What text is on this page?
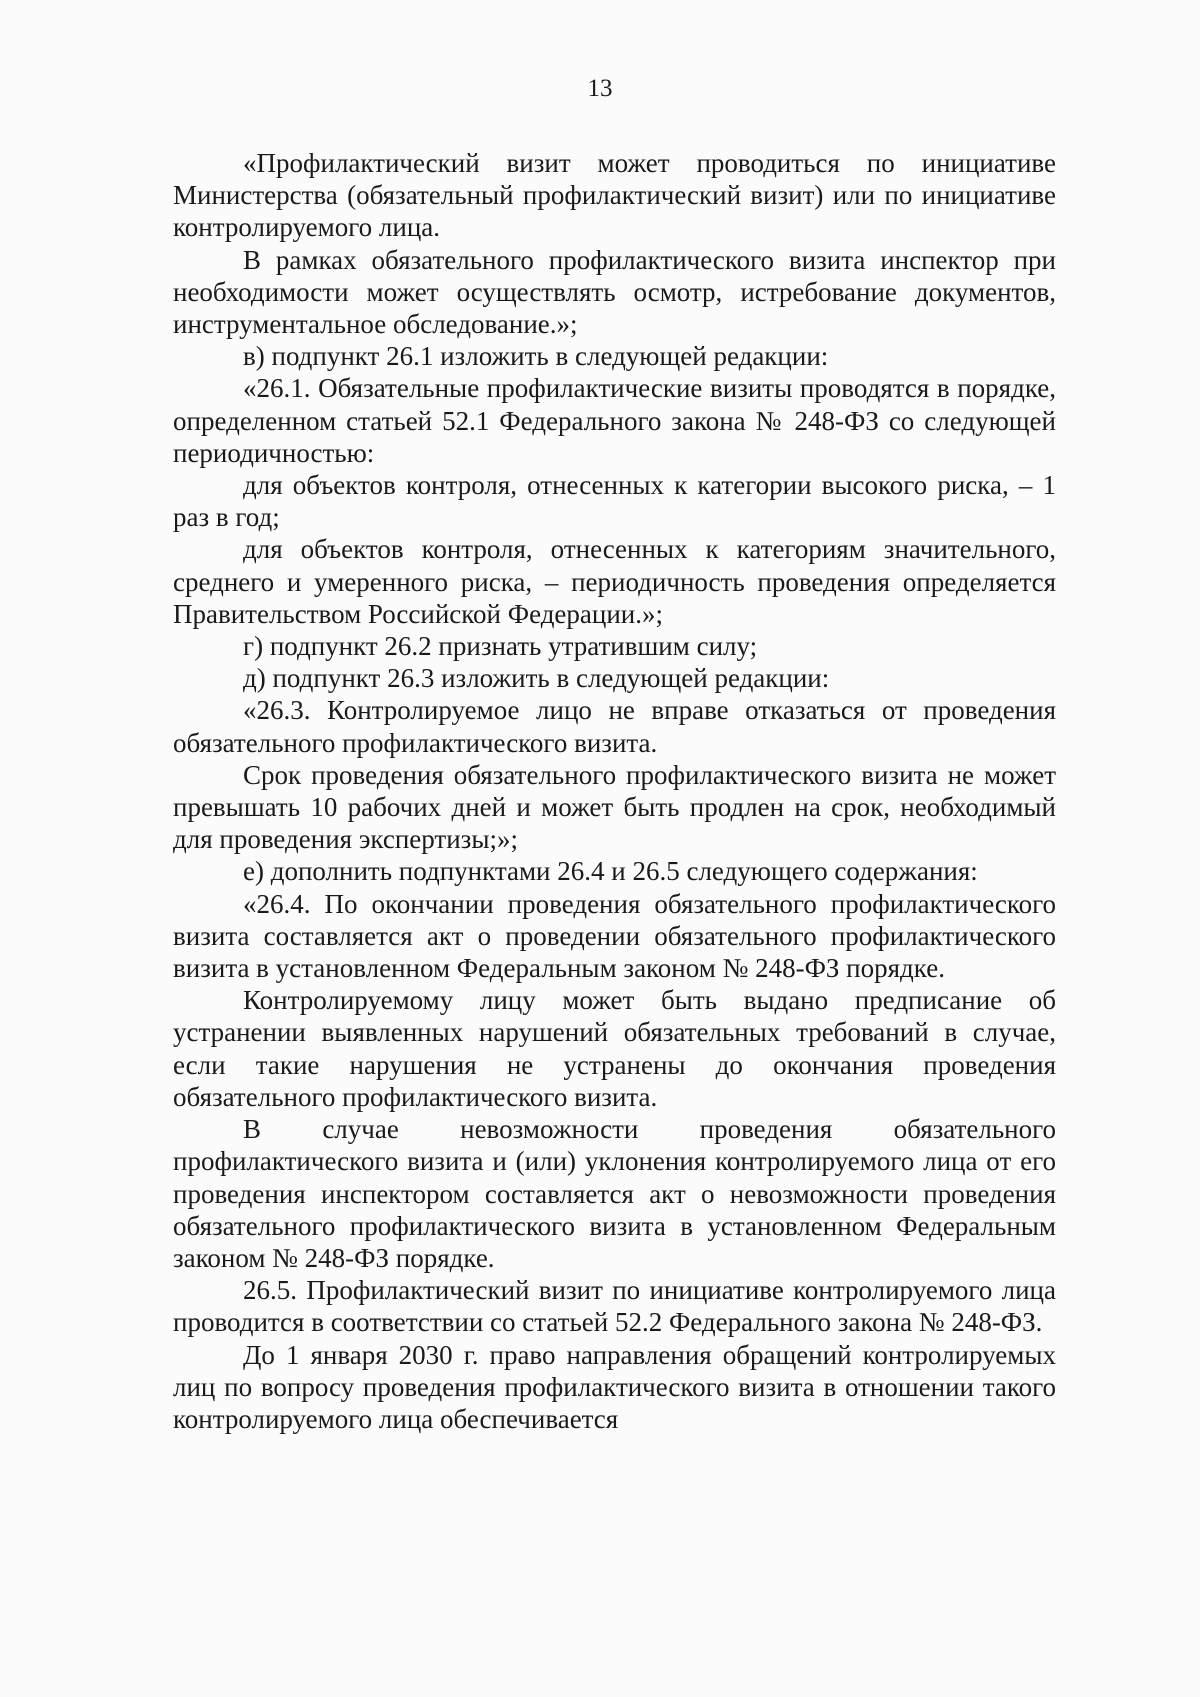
13

«Профилактический визит может проводиться по инициативе Министерства (обязательный профилактический визит) или по инициативе контролируемого лица.

В рамках обязательного профилактического визита инспектор при необходимости может осуществлять осмотр, истребование документов, инструментальное обследование.»;

в) подпункт 26.1 изложить в следующей редакции:

«26.1. Обязательные профилактические визиты проводятся в порядке, определенном статьей 52.1 Федерального закона № 248-ФЗ со следующей периодичностью:

для объектов контроля, отнесенных к категории высокого риска, – 1 раз в год;

для объектов контроля, отнесенных к категориям значительного, среднего и умеренного риска, – периодичность проведения определяется Правительством Российской Федерации.»;

г) подпункт 26.2 признать утратившим силу;

д) подпункт 26.3 изложить в следующей редакции:

«26.3. Контролируемое лицо не вправе отказаться от проведения обязательного профилактического визита.

Срок проведения обязательного профилактического визита не может превышать 10 рабочих дней и может быть продлен на срок, необходимый для проведения экспертизы;»;

е) дополнить подпунктами 26.4 и 26.5 следующего содержания:

«26.4. По окончании проведения обязательного профилактического визита составляется акт о проведении обязательного профилактического визита в установленном Федеральным законом № 248-ФЗ порядке.

Контролируемому лицу может быть выдано предписание об устранении выявленных нарушений обязательных требований в случае, если такие нарушения не устранены до окончания проведения обязательного профилактического визита.

В случае невозможности проведения обязательного профилактического визита и (или) уклонения контролируемого лица от его проведения инспектором составляется акт о невозможности проведения обязательного профилактического визита в установленном Федеральным законом № 248-ФЗ порядке.

26.5. Профилактический визит по инициативе контролируемого лица проводится в соответствии со статьей 52.2 Федерального закона № 248-ФЗ.

До 1 января 2030 г. право направления обращений контролируемых лиц по вопросу проведения профилактического визита в отношении такого контролируемого лица обеспечивается
